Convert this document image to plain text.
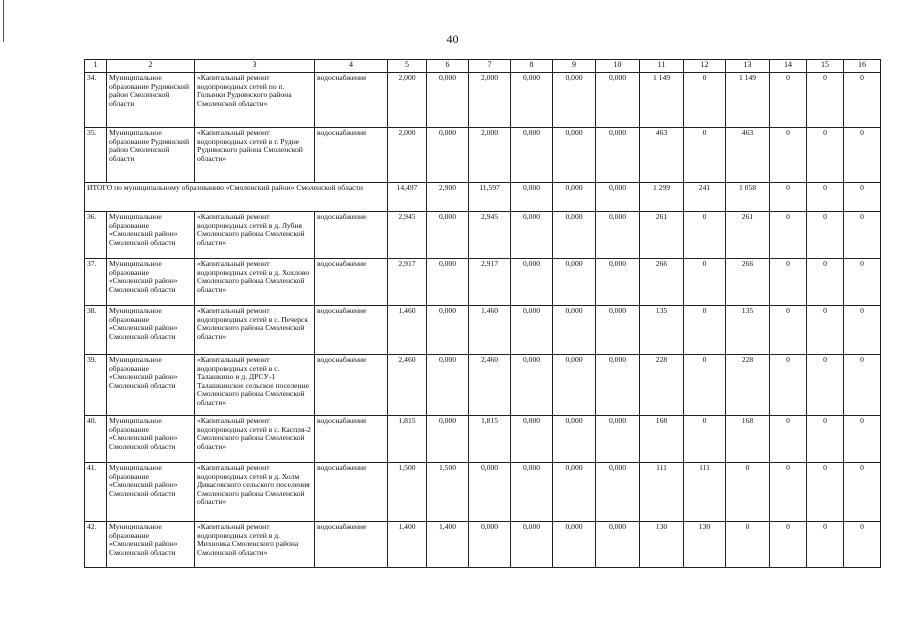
40
1	2	3	4	5	6	7	8	9	10	11	12	13	14	15	16
34.	Муниципальное образование Руднянский район Смоленской области	«Капитальный ремонт водопроводных сетей по п. Голынки Руднянского района Смоленской области»	водоснабжение	2,000	0,000	2,000	0,000	0,000	0,000	1 149	0	1 149	0	0	0
35.	Муниципальное образование Руднянский район Смоленской области	«Капитальный ремонт водопроводных сетей в г. Рудне Руднянского района Смоленской области»	водоснабжение	2,000	0,000	2,000	0,000	0,000	0,000	463	0	463	0	0	0
ИТОГО по муниципальному образованию «Смоленский район» Смоленской области				14,497	2,900	11,597	0,000	0,000	0,000	1 299	241	1 058	0	0	0
36.	Муниципальное образование «Смоленский район» Смоленской области	«Капитальный ремонт водопроводных сетей в д. Лубня Смоленского района Смоленской области»	водоснабжение	2,945	0,000	2,945	0,000	0,000	0,000	261	0	261	0	0	0
37.	Муниципальное образование «Смоленский район» Смоленской области	«Капитальный ремонт водопроводных сетей в д. Хохлово Смоленского района Смоленской области»	водоснабжение	2,917	0,000	2,917	0,000	0,000	0,000	266	0	266	0	0	0
38.	Муниципальное образование «Смоленский район» Смоленской области	«Капитальный ремонт водопроводных сетей в с. Печерск Смоленского района Смоленской области»	водоснабжение	1,460	0,000	1,460	0,000	0,000	0,000	135	0	135	0	0	0
39.	Муниципальное образование «Смоленский район» Смоленской области	«Капитальный ремонт водопроводных сетей в с. Талашкино и д. ДРСУ-1 Талашкинское сельское поселение Смоленского района Смоленской области»	водоснабжение	2,460	0,000	2,460	0,000	0,000	0,000	228	0	228	0	0	0
40.	Муниципальное образование «Смоленский район» Смоленской области	«Капитальный ремонт водопроводных сетей в с. Каспля-2 Смоленского района Смоленской области»	водоснабжение	1,815	0,000	1,815	0,000	0,000	0,000	168	0	168	0	0	0
41.	Муниципальное образование «Смоленский район» Смоленской области	«Капитальный ремонт водопроводных сетей в д. Холм Дивасовского сельского поселения Смоленского района Смоленской области»	водоснабжение	1,500	1,500	0,000	0,000	0,000	0,000	111	111	0	0	0	0
42.	Муниципальное образование «Смоленский район» Смоленской области	«Капитальный ремонт водопроводных сетей в д. Михновка Смоленского района Смоленской области»	водоснабжение	1,400	1,400	0,000	0,000	0,000	0,000	130	130	0	0	0	0
